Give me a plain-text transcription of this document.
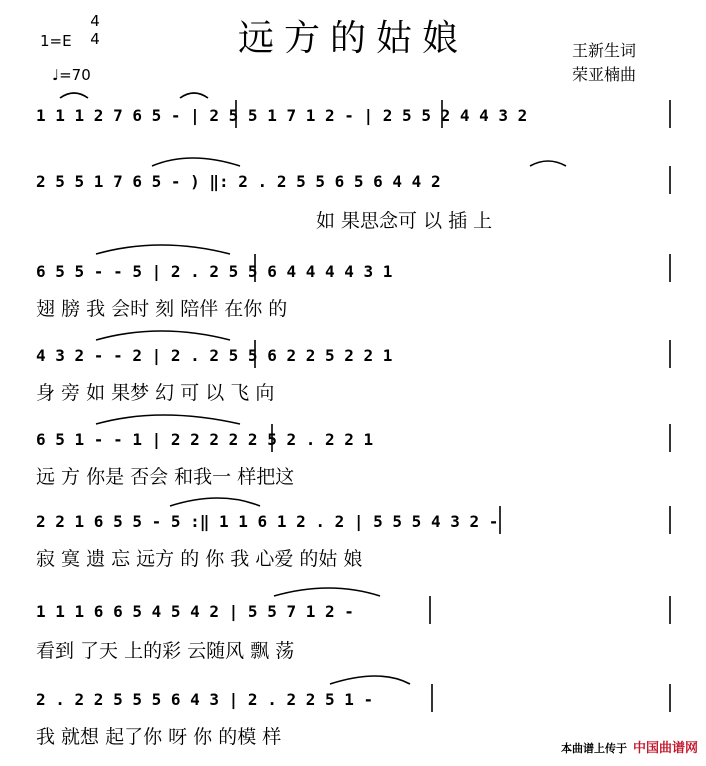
远方的姑娘
1=E
4
4
♩=70
王新生词
荣亚楠曲
1 1 1 2 7 6 5 - | 2 5 5 1 7 1 2 - | 2 5 5 2 4 4 3 2
2 5 5 1 7 6 5 - ) ‖: 2 . 2 5 5 6 5 6 4 4 2
如 果思念可 以 插 上
6 5 5 - - 5 | 2 . 2 5 5 6 4 4 4 4 3 1
翅 膀 我 会时 刻 陪伴 在你 的
4 3 2 - - 2 | 2 . 2 5 5 6 2 2 5 2 2 1
身 旁 如 果梦 幻 可 以 飞 向
6 5 1 - - 1 | 2 2 2 2 2 5 2 . 2 2 1
远 方 你是 否会 和我一 样把这
2 2 1 6 5 5 - 5 :‖ 1 1 6 1 2 . 2 | 5 5 5 4 3 2 -
寂 寞 遗 忘 远方 的 你 我 心爱 的姑 娘
1 1 1 6 6 5 4 5 4 2 | 5 5 7 1 2 -
看到 了天 上的彩 云随风 飘 荡
2 . 2 2 5 5 5 6 4 3 | 2 . 2 2 5 1 -
我 就想 起了你 呀 你 的模 样
本曲谱上传于 中国曲谱网
